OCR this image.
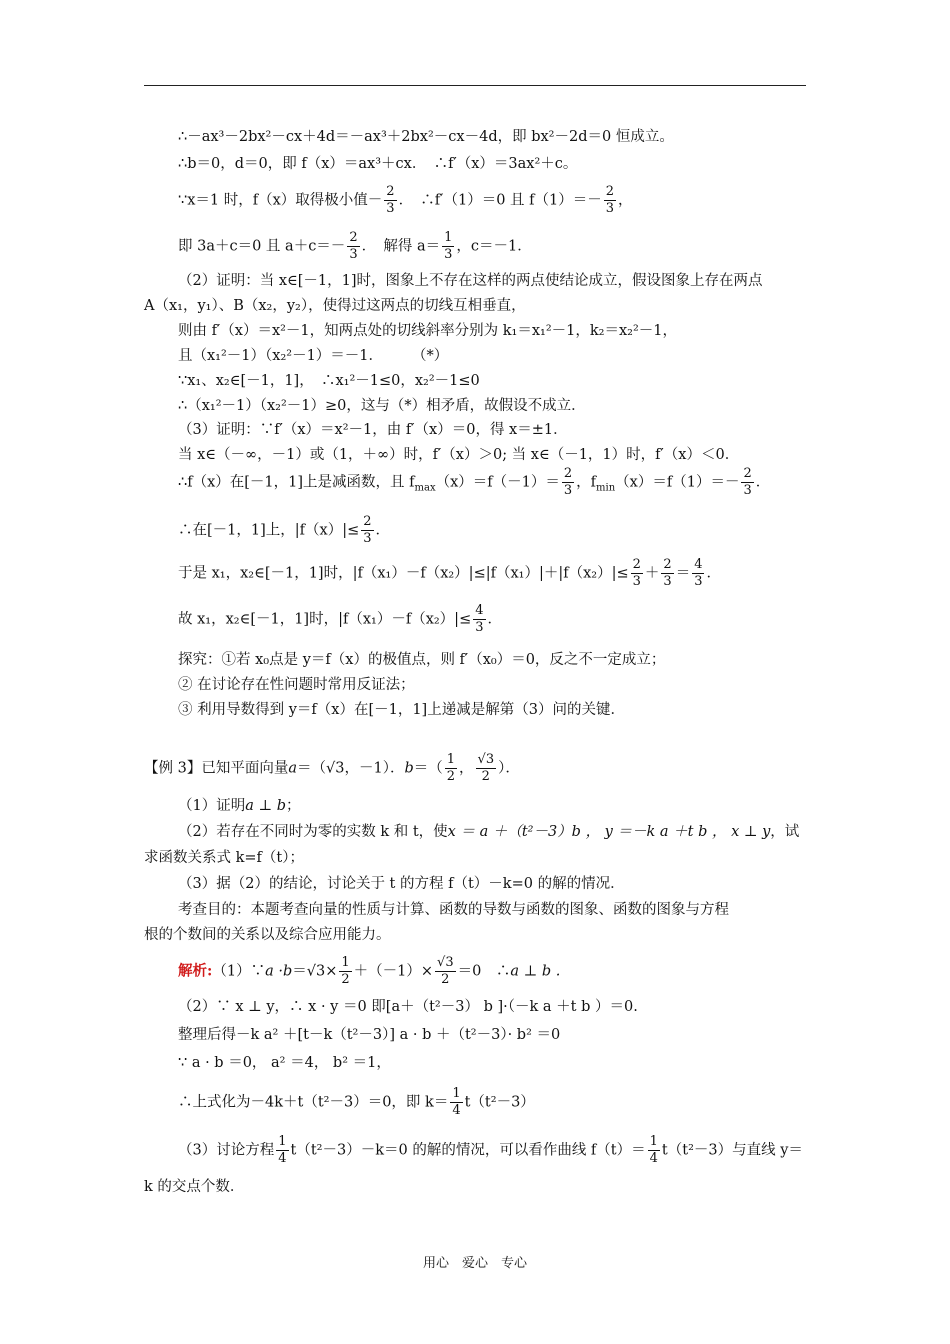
∴－ax³－2bx²－cx＋4d＝－ax³＋2bx²－cx－4d，即 bx²－2d＝0 恒成立。
∴b＝0，d＝0，即 f（x）＝ax³＋cx．　∴f′（x）＝3ax²＋c。
∵x＝1 时，f（x）取得极小值－ $\frac{2}{3}$ ．　∴f′（1）＝0 且 $f(1)=- \frac{2}{3}$ ，
即 3a＋c＝0 且 $a+c=- \frac{2}{3}$ ．　解得 $a= \frac{1}{3}$ ，c＝－1．
（2）证明：当 x∈[－1，1]时，图象上不存在这样的两点使结论成立，假设图象上存在两点
A（x₁，y₁）、B（x₂，y₂），使得过这两点的切线互相垂直，
则由 f′（x）＝x²－1，知两点处的切线斜率分别为 k₁＝x₁²－1，k₂＝x₂²－1，
且（x₁²－1）（x₂²－1）＝－1．　　　（*）
∵x₁、x₂∈[－1，1]，　∴x₁²－1≤0，x₂²－1≤0
∴（x₁²－1）（x₂²－1）≥0，这与（*）相矛盾，故假设不成立．
（3）证明：∵f′（x）＝x²－1，由 f′（x）＝0，得 x＝±1．
当 x∈（－∞，－1）或（1，＋∞）时，f′（x）＞0; 当 x∈（－1，1）时，f′（x）＜0．
∴f（x）在[－1，1]上是减函数，且 $f_{max}(x)=f(-1)= \frac{2}{3}$ ，$f_{min}(x)=f(1)=- \frac{2}{3}$ ．
∴在[－1，1]上，$|f(x)|\le \frac{2}{3}$ ．
于是 x₁，x₂∈[－1，1]时，$|f(x_1)-f(x_2)|\le|f(x_1)|+|f(x_2)|\le \frac{2}{3} + \frac{2}{3} = \frac{4}{3}$ ．
故 x₁，x₂∈[－1，1]时，$|f(x_1)-f(x_2)|\le \frac{4}{3}$ ．
探究：①若 x₀点是 y＝f（x）的极值点，则 f′（x₀）＝0，反之不一定成立；
② 在讨论存在性问题时常用反证法；
③ 利用导数得到 y＝f（x）在[－1，1]上递减是解第（3）问的关键．
【例 3】已知平面向量a＝（√3，－1）．$b=( \frac{1}{2}$ ， $\frac{√3}{2}$ ）．
（1）证明a ⊥ b；
（2）若存在不同时为零的实数 k 和 t，使x ＝ a ＋（t²－3）b ， y ＝－k a ＋t b ， x ⊥ y，试
求函数关系式 k=f（t）；
（3）据（2）的结论，讨论关于 t 的方程 f（t）－k=0 的解的情况．
考查目的：本题考查向量的性质与计算、函数的导数与函数的图象、函数的图象与方程
根的个数间的关系以及综合应用能力。
解析:（1）∵a $\cdot b=√3\times \frac{1}{2} +(-1)\times \frac{√3}{2} =0$　∴a ⊥ b .
（2）∵ x ⊥ y，∴ x · y ＝0 即[a＋（t²－3） b ]·（－k a ＋t b ）＝0.
整理后得－k a² ＋[t－k（t²－3）] a · b ＋（t²－3）· b² ＝0
∵ a · b ＝0， a² ＝4， b² ＝1，
∴上式化为－4k＋t（t²－3）＝0，即 $k= \frac{1}{4} t(t^2-3)$
（3）讨论方程 $\frac{1}{4} t(t^2-3)-k=0$ 的解的情况，可以看作曲线 $f(t)= \frac{1}{4} t(t^2-3)$与直线 y＝
k 的交点个数．
用心　爱心　专心
